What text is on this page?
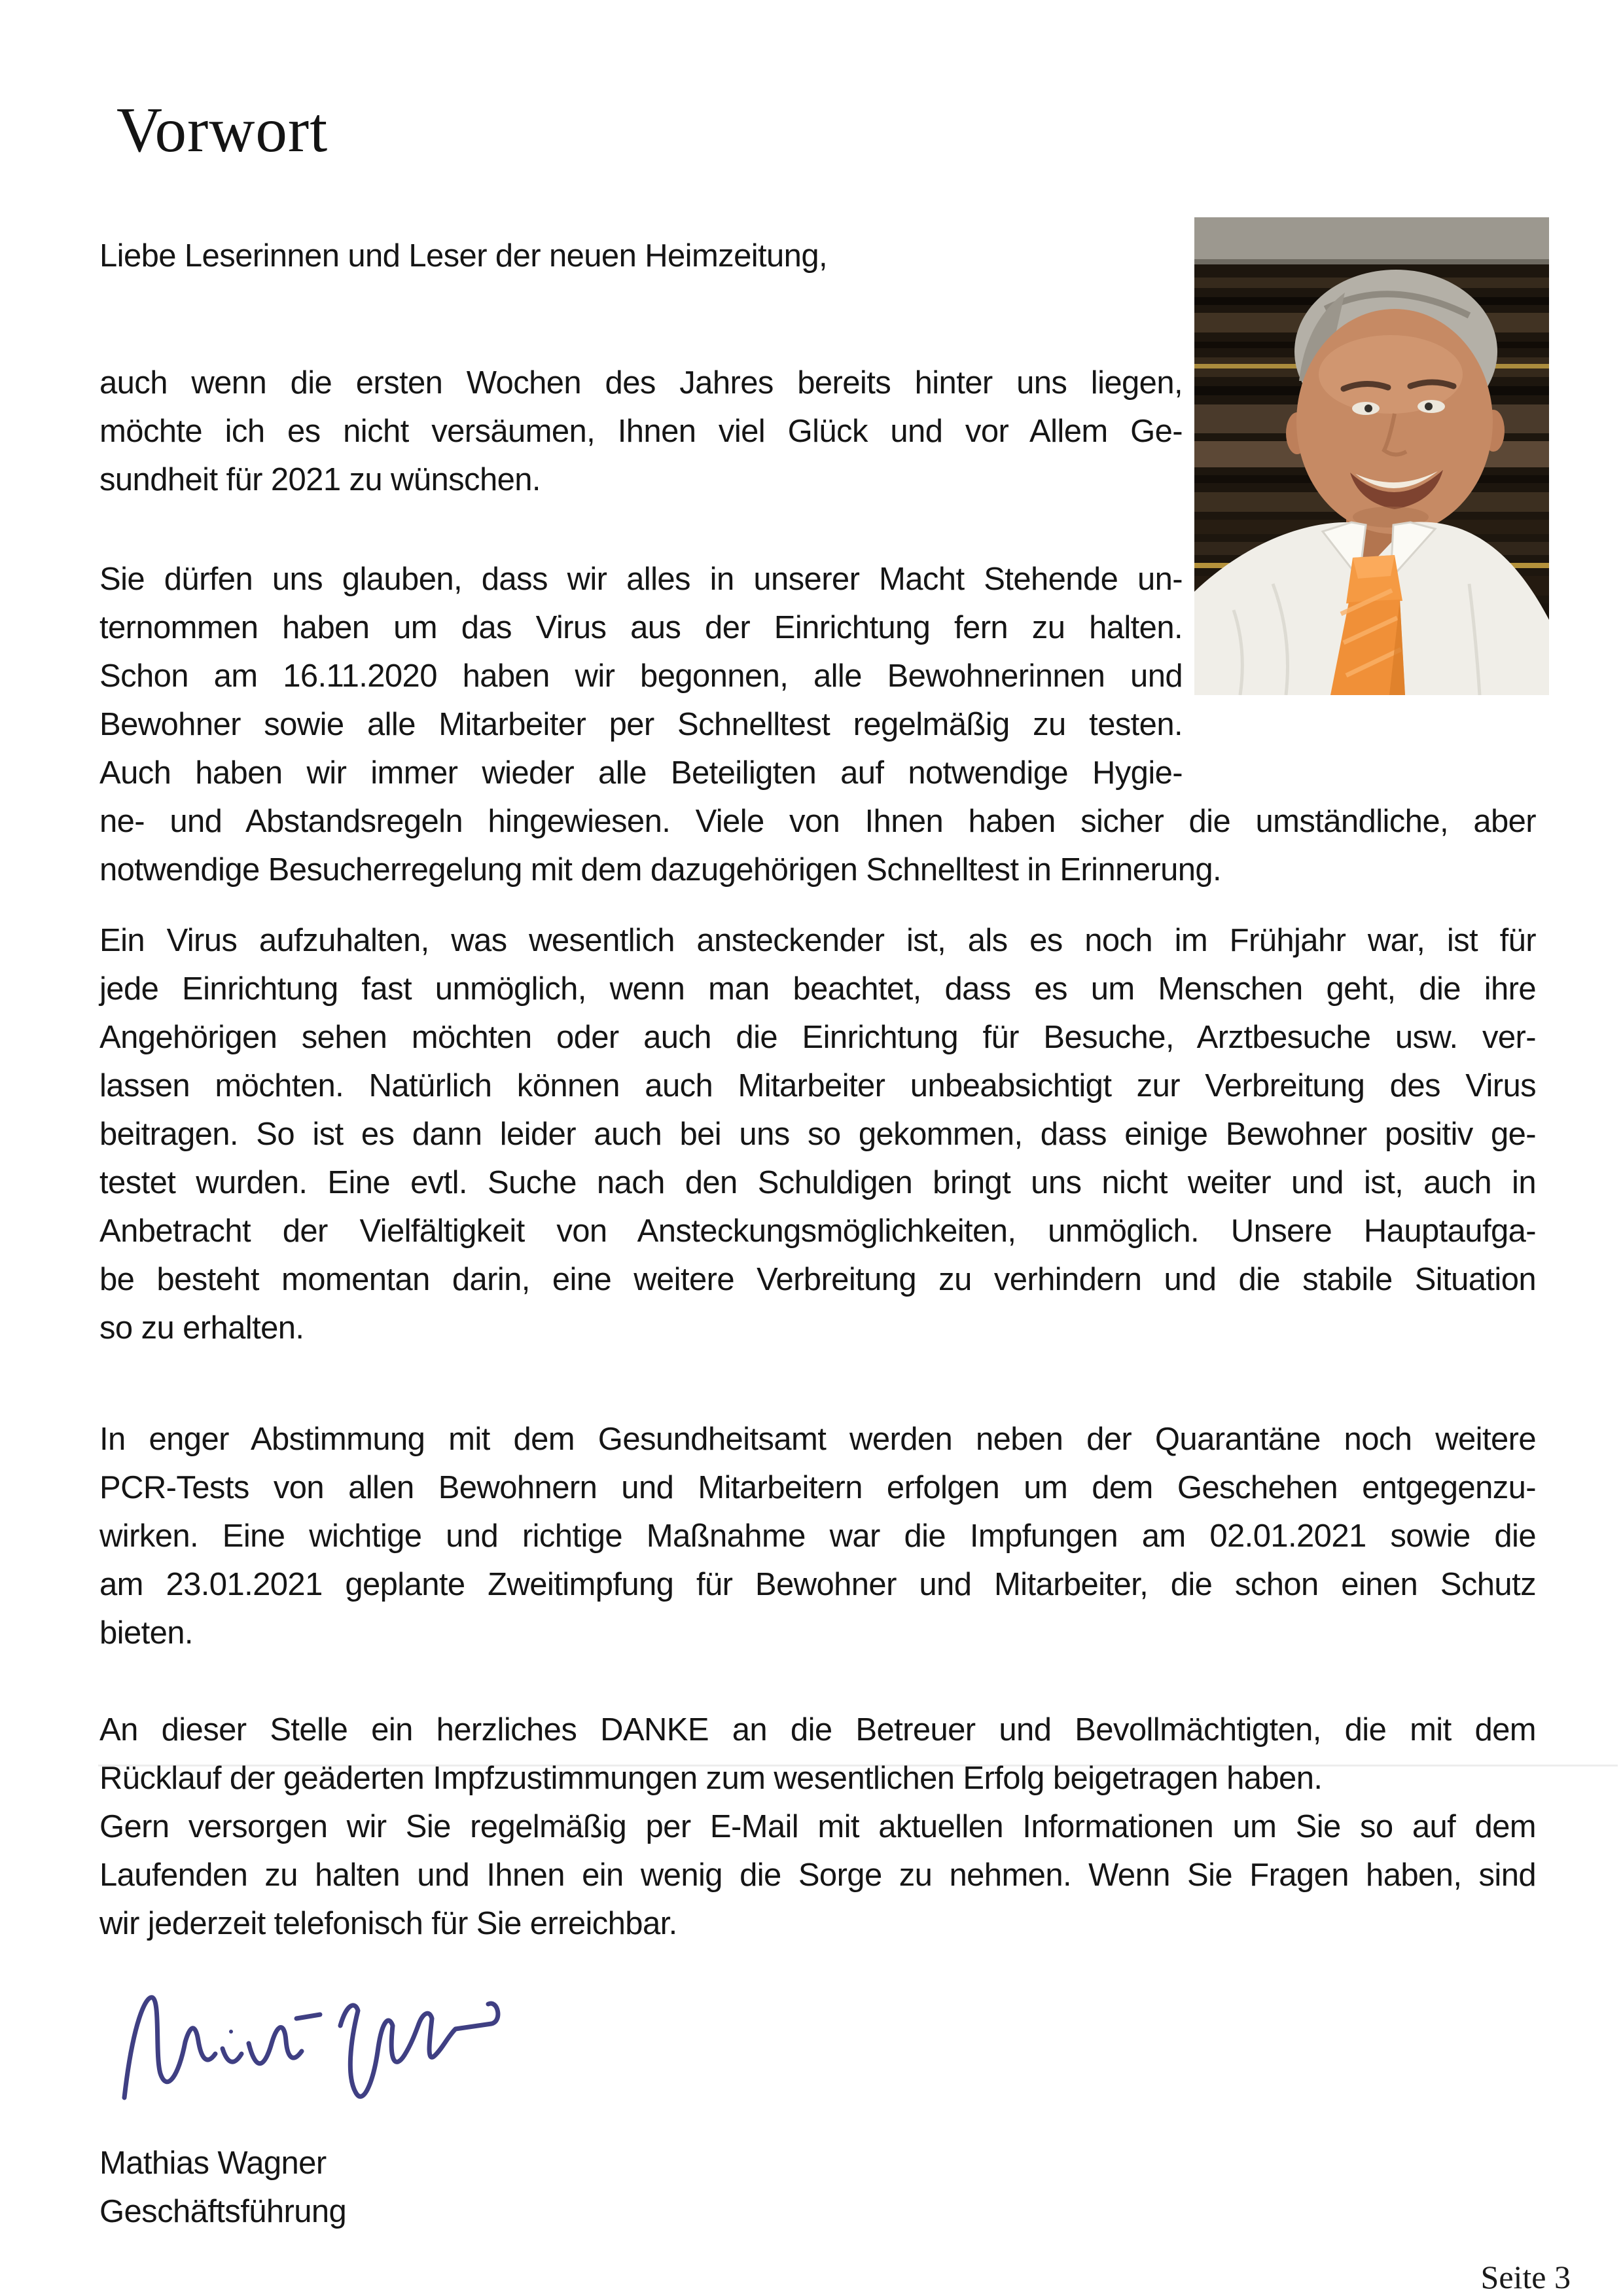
Vorwort
Liebe Leserinnen und Leser der neuen Heimzeitung,
auch wenn die ersten Wochen des Jahres bereits hinter uns liegen,
möchte ich es nicht versäumen, Ihnen viel Glück und vor Allem Ge-
sundheit für 2021 zu wünschen.
Sie dürfen uns glauben, dass wir alles in unserer Macht Stehende un-
ternommen haben um das Virus aus der Einrichtung fern zu halten.
Schon am 16.11.2020 haben wir begonnen, alle Bewohnerinnen und
Bewohner sowie alle Mitarbeiter per Schnelltest regelmäßig zu testen.
Auch haben wir immer wieder alle Beteiligten auf notwendige Hygie-
ne- und Abstandsregeln hingewiesen. Viele von Ihnen haben sicher die umständliche, aber
notwendige Besucherregelung mit dem dazugehörigen Schnelltest in Erinnerung.
Ein Virus aufzuhalten, was wesentlich ansteckender ist, als es noch im Frühjahr war, ist für
jede Einrichtung fast unmöglich, wenn man beachtet, dass es um Menschen geht, die ihre
Angehörigen sehen möchten oder auch die Einrichtung für Besuche, Arztbesuche usw. ver-
lassen möchten. Natürlich können auch Mitarbeiter unbeabsichtigt zur Verbreitung des Virus
beitragen. So ist es dann leider auch bei uns so gekommen, dass einige Bewohner positiv ge-
testet wurden. Eine evtl. Suche nach den Schuldigen bringt uns nicht weiter und ist, auch in
Anbetracht der Vielfältigkeit von Ansteckungsmöglichkeiten, unmöglich. Unsere Hauptaufga-
be besteht momentan darin, eine weitere Verbreitung zu verhindern und die stabile Situation
so zu erhalten.
In enger Abstimmung mit dem Gesundheitsamt werden neben der Quarantäne noch weitere
PCR-Tests von allen Bewohnern und Mitarbeitern erfolgen um dem Geschehen entgegenzu-
wirken. Eine wichtige und richtige Maßnahme war die Impfungen am 02.01.2021 sowie die
am 23.01.2021 geplante Zweitimpfung für Bewohner und Mitarbeiter, die schon einen Schutz
bieten.
An dieser Stelle ein herzliches DANKE an die Betreuer und Bevollmächtigten, die mit dem
Rücklauf der geäderten Impfzustimmungen zum wesentlichen Erfolg beigetragen haben.
Gern versorgen wir Sie regelmäßig per E-Mail mit aktuellen Informationen um Sie so auf dem
Laufenden zu halten und Ihnen ein wenig die Sorge zu nehmen. Wenn Sie Fragen haben, sind
wir jederzeit telefonisch für Sie erreichbar.
Mathias Wagner
Geschäftsführung
Seite 3
